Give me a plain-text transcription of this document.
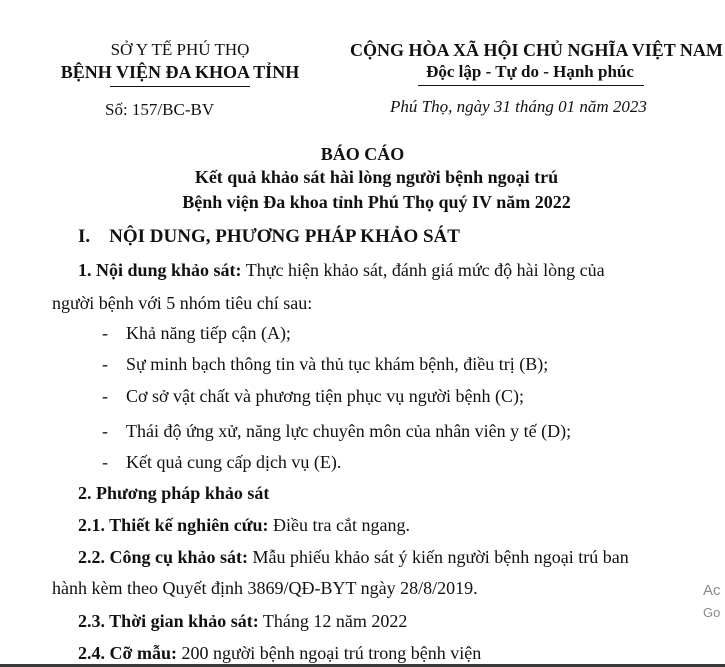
SỞ Y TẾ PHÚ THỌ
BỆNH VIỆN ĐA KHOA TỈNH
Số: 157/BC-BV
CỘNG HÒA XÃ HỘI CHỦ NGHĨA VIỆT NAM
Độc lập - Tự do - Hạnh phúc
Phú Thọ, ngày 31 tháng 01 năm 2023
BÁO CÁO
Kết quả khảo sát hài lòng người bệnh ngoại trú
Bệnh viện Đa khoa tỉnh Phú Thọ quý IV năm 2022
I.    NỘI DUNG, PHƯƠNG PHÁP KHẢO SÁT
1. Nội dung khảo sát: Thực hiện khảo sát, đánh giá mức độ hài lòng của
người bệnh với 5 nhóm tiêu chí sau:
- Khả năng tiếp cận (A);
- Sự minh bạch thông tin và thủ tục khám bệnh, điều trị (B);
- Cơ sở vật chất và phương tiện phục vụ người bệnh (C);
- Thái độ ứng xử, năng lực chuyên môn của nhân viên y tế (D);
- Kết quả cung cấp dịch vụ (E).
2. Phương pháp khảo sát
2.1. Thiết kế nghiên cứu: Điều tra cắt ngang.
2.2. Công cụ khảo sát: Mẫu phiếu khảo sát ý kiến người bệnh ngoại trú ban
hành kèm theo Quyết định 3869/QĐ-BYT ngày 28/8/2019.
2.3. Thời gian khảo sát: Tháng 12 năm 2022
2.4. Cỡ mẫu: 200 người bệnh ngoại trú trong bệnh viện
Ac
Go
